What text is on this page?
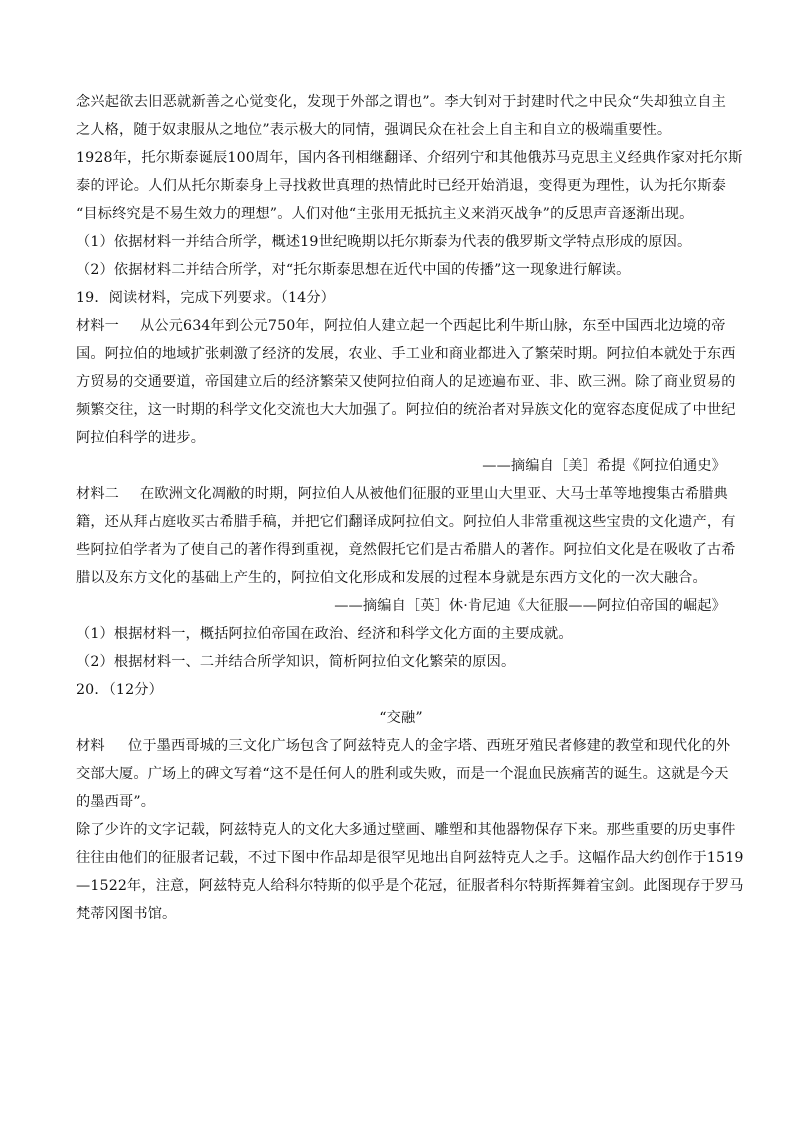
念兴起欲去旧恶就新善之心觉变化，发现于外部之谓也”。李大钊对于封建时代之中民众“失却独立自主
之人格，随于奴隶服从之地位”表示极大的同情，强调民众在社会上自主和自立的极端重要性。
1928年，托尔斯泰诞辰100周年，国内各刊相继翻译、介绍列宁和其他俄苏马克思主义经典作家对托尔斯
泰的评论。人们从托尔斯泰身上寻找救世真理的热情此时已经开始消退，变得更为理性，认为托尔斯泰
“目标终究是不易生效力的理想”。人们对他“主张用无抵抗主义来消灭战争”的反思声音逐渐出现。
（1）依据材料一并结合所学，概述19世纪晚期以托尔斯泰为代表的俄罗斯文学特点形成的原因。
（2）依据材料二并结合所学，对“托尔斯泰思想在近代中国的传播”这一现象进行解读。
19．阅读材料，完成下列要求。（14分）
材料一 从公元634年到公元750年，阿拉伯人建立起一个西起比利牛斯山脉，东至中国西北边境的帝
国。阿拉伯的地域扩张刺激了经济的发展，农业、手工业和商业都进入了繁荣时期。阿拉伯本就处于东西
方贸易的交通要道，帝国建立后的经济繁荣又使阿拉伯商人的足迹遍布亚、非、欧三洲。除了商业贸易的
频繁交往，这一时期的科学文化交流也大大加强了。阿拉伯的统治者对异族文化的宽容态度促成了中世纪
阿拉伯科学的进步。
——摘编自［美］希提《阿拉伯通史》
材料二 在欧洲文化凋敝的时期，阿拉伯人从被他们征服的亚里山大里亚、大马士革等地搜集古希腊典
籍，还从拜占庭收买古希腊手稿，并把它们翻译成阿拉伯文。阿拉伯人非常重视这些宝贵的文化遗产，有
些阿拉伯学者为了使自己的著作得到重视，竟然假托它们是古希腊人的著作。阿拉伯文化是在吸收了古希
腊以及东方文化的基础上产生的，阿拉伯文化形成和发展的过程本身就是东西方文化的一次大融合。
——摘编自［英］休·肯尼迪《大征服——阿拉伯帝国的崛起》
（1）根据材料一，概括阿拉伯帝国在政治、经济和科学文化方面的主要成就。
（2）根据材料一、二并结合所学知识，简析阿拉伯文化繁荣的原因。
20．（12分）
“交融”
材料 位于墨西哥城的三文化广场包含了阿兹特克人的金字塔、西班牙殖民者修建的教堂和现代化的外
交部大厦。广场上的碑文写着“这不是任何人的胜利或失败，而是一个混血民族痛苦的诞生。这就是今天
的墨西哥”。
除了少许的文字记载，阿兹特克人的文化大多通过壁画、雕塑和其他器物保存下来。那些重要的历史事件
往往由他们的征服者记载，不过下图中作品却是很罕见地出自阿兹特克人之手。这幅作品大约创作于1519
—1522年，注意，阿兹特克人给科尔特斯的似乎是个花冠，征服者科尔特斯挥舞着宝剑。此图现存于罗马
梵蒂冈图书馆。
